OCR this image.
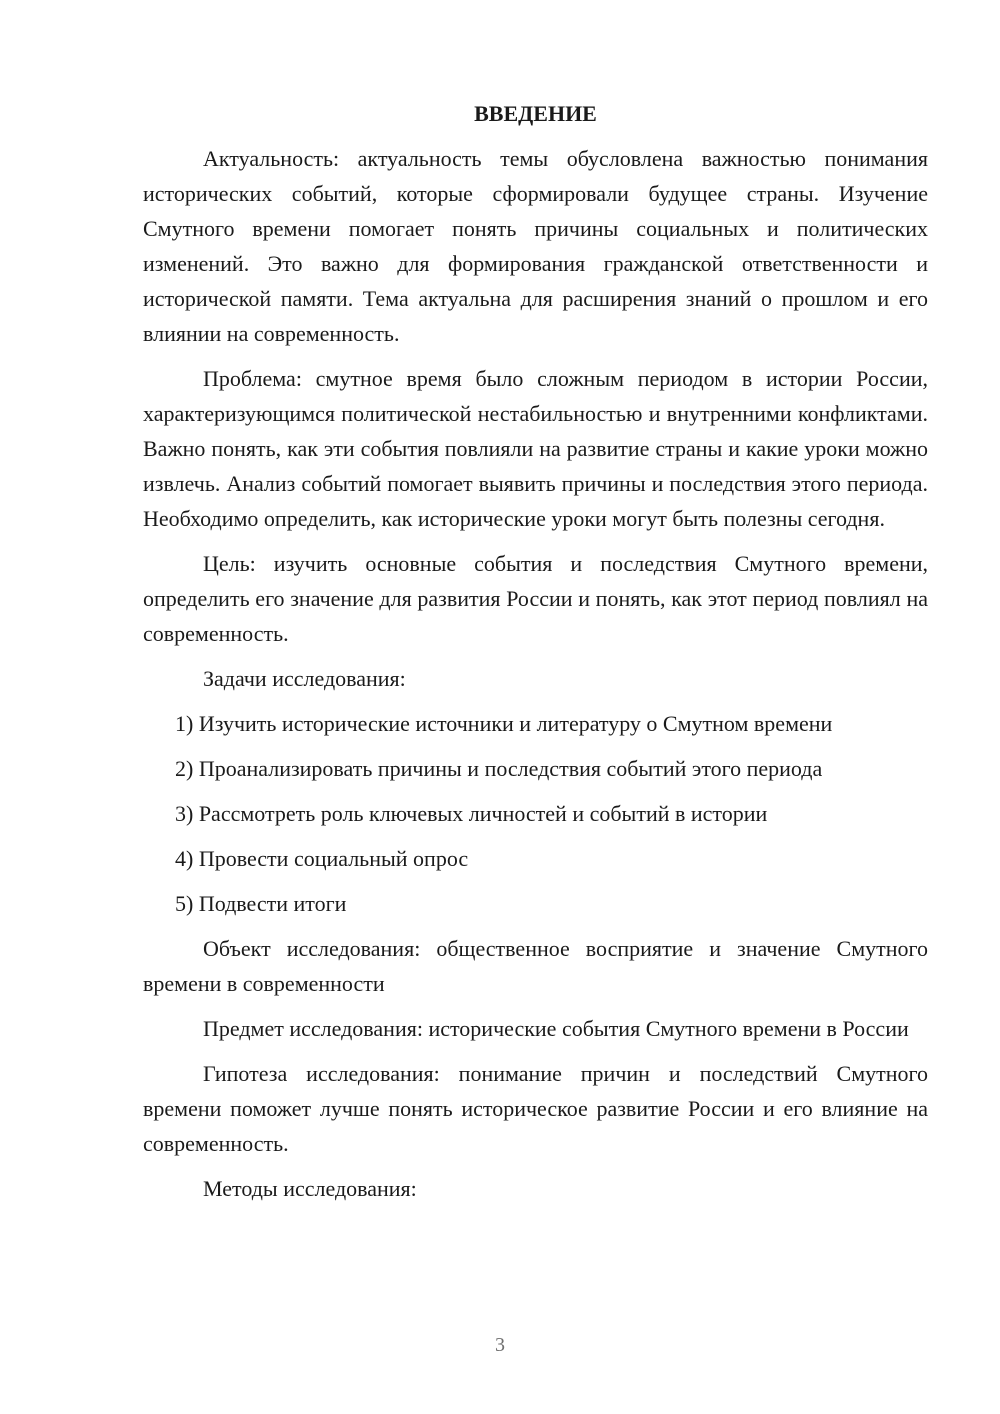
ВВЕДЕНИЕ

Актуальность: актуальность темы обусловлена важностью понимания исторических событий, которые сформировали будущее страны. Изучение Смутного времени помогает понять причины социальных и политических изменений. Это важно для формирования гражданской ответственности и исторической памяти. Тема актуальна для расширения знаний о прошлом и его влиянии на современность.

Проблема: смутное время было сложным периодом в истории России, характеризующимся политической нестабильностью и внутренними конфликтами. Важно понять, как эти события повлияли на развитие страны и какие уроки можно извлечь. Анализ событий помогает выявить причины и последствия этого периода. Необходимо определить, как исторические уроки могут быть полезны сегодня.

Цель: изучить основные события и последствия Смутного времени, определить его значение для развития России и понять, как этот период повлиял на современность.

Задачи исследования:

1) Изучить исторические источники и литературу о Смутном времени
2) Проанализировать причины и последствия событий этого периода
3) Рассмотреть роль ключевых личностей и событий в истории
4) Провести социальный опрос
5) Подвести итоги

Объект исследования: общественное восприятие и значение Смутного времени в современности

Предмет исследования: исторические события Смутного времени в России

Гипотеза исследования: понимание причин и последствий Смутного времени поможет лучше понять историческое развитие России и его влияние на современность.

Методы исследования:

3
